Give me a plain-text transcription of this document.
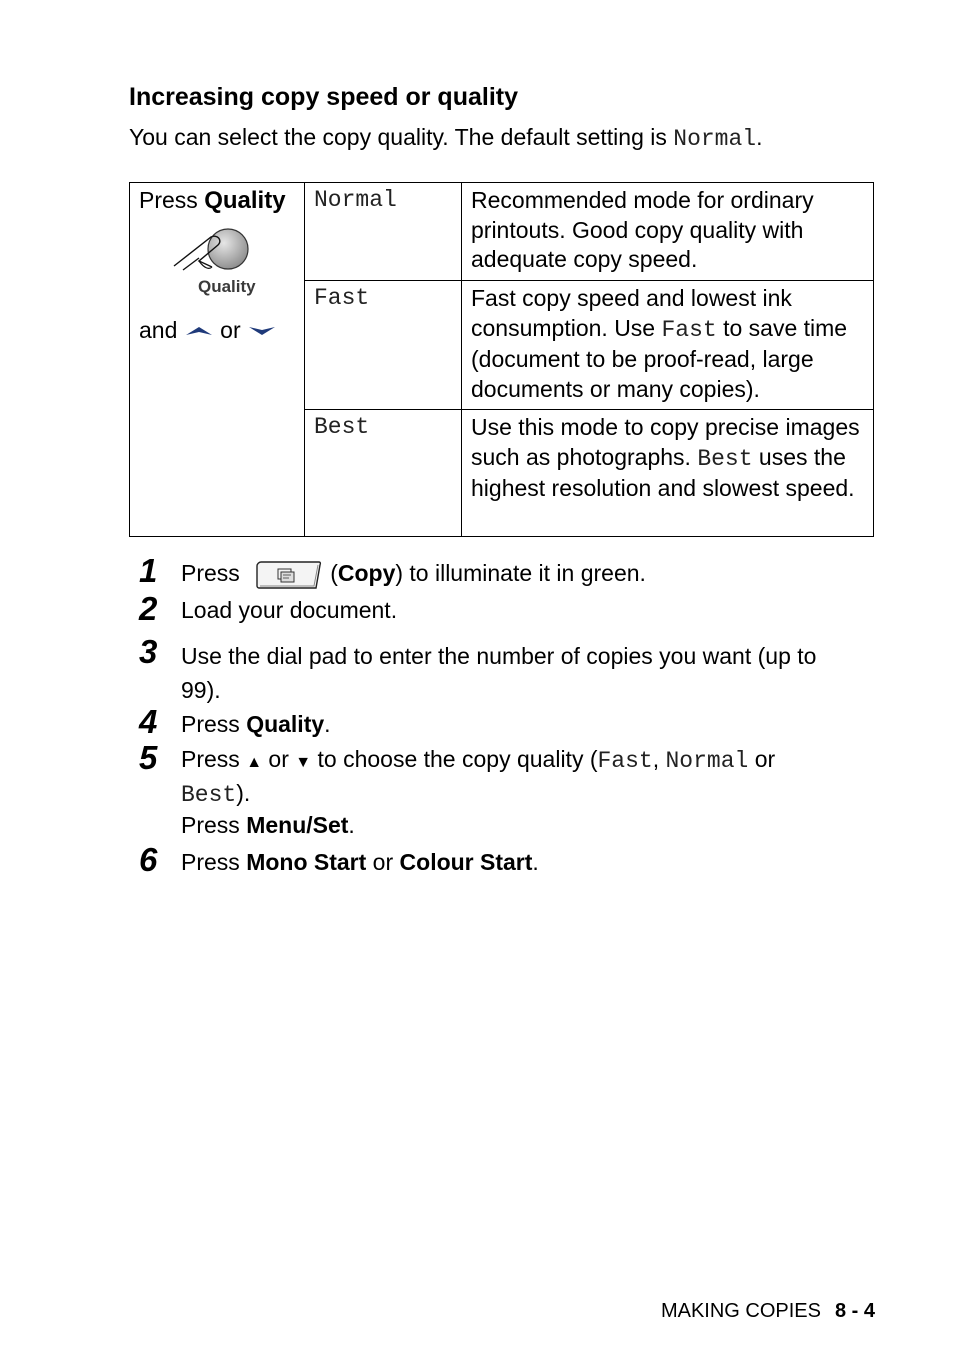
Increasing copy speed or quality

You can select the copy quality. The default setting is Normal.

Press Quality
Quality
and  or	Normal	Recommended mode for ordinary printouts. Good copy quality with adequate copy speed.
	Fast	Fast copy speed and lowest ink consumption. Use Fast to save time (document to be proof-read, large documents or many copies).
	Best	Use this mode to copy precise images such as photographs. Best uses the highest resolution and slowest speed.
1 Press	(Copy) to illuminate it in green.
2 Load your document.
3 Use the dial pad to enter the number of copies you want (up to 99).
4 Press Quality.
5 Press ▲ or ▼ to choose the copy quality (Fast, Normal or Best).
Press Menu/Set.
6 Press Mono Start or Colour Start.
MAKING COPIES 8 - 4
